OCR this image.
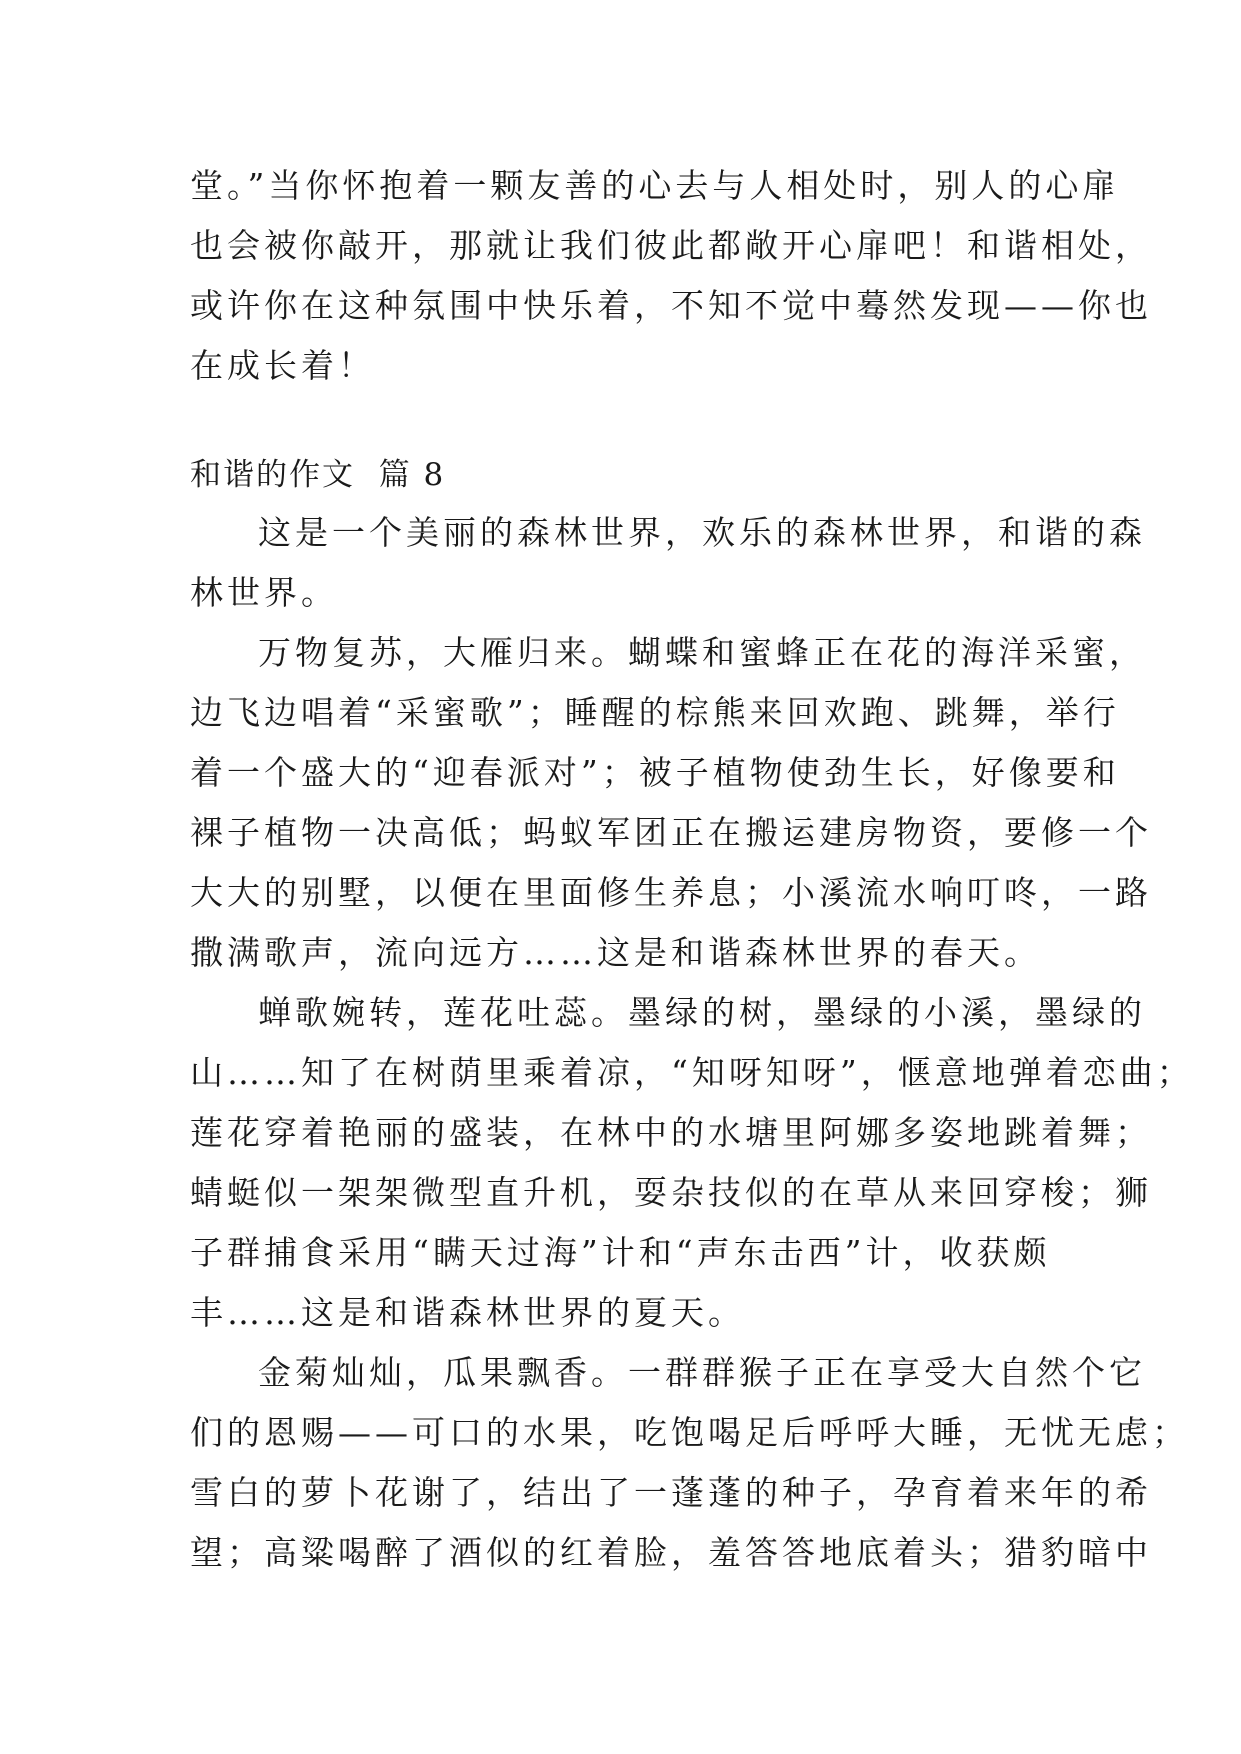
堂。”当你怀抱着一颗友善的心去与人相处时，别人的心扉
也会被你敲开，那就让我们彼此都敞开心扉吧！和谐相处，
或许你在这种氛围中快乐着，不知不觉中蓦然发现——你也
在成长着！
和谐的作文  篇 8
这是一个美丽的森林世界，欢乐的森林世界，和谐的森
林世界。
万物复苏，大雁归来。蝴蝶和蜜蜂正在花的海洋采蜜，
边飞边唱着“采蜜歌”；睡醒的棕熊来回欢跑、跳舞，举行
着一个盛大的“迎春派对”；被子植物使劲生长，好像要和
裸子植物一决高低；蚂蚁军团正在搬运建房物资，要修一个
大大的别墅，以便在里面修生养息；小溪流水响叮咚，一路
撒满歌声，流向远方……这是和谐森林世界的春天。
蝉歌婉转，莲花吐蕊。墨绿的树，墨绿的小溪，墨绿的
山……知了在树荫里乘着凉，“知呀知呀”，惬意地弹着恋曲；
莲花穿着艳丽的盛装，在林中的水塘里阿娜多姿地跳着舞；
蜻蜓似一架架微型直升机，耍杂技似的在草从来回穿梭；狮
子群捕食采用“瞒天过海”计和“声东击西”计，收获颇
丰……这是和谐森林世界的夏天。
金菊灿灿，瓜果飘香。一群群猴子正在享受大自然个它
们的恩赐——可口的水果，吃饱喝足后呼呼大睡，无忧无虑；
雪白的萝卜花谢了，结出了一蓬蓬的种子，孕育着来年的希
望；高粱喝醉了酒似的红着脸，羞答答地底着头；猎豹暗中
